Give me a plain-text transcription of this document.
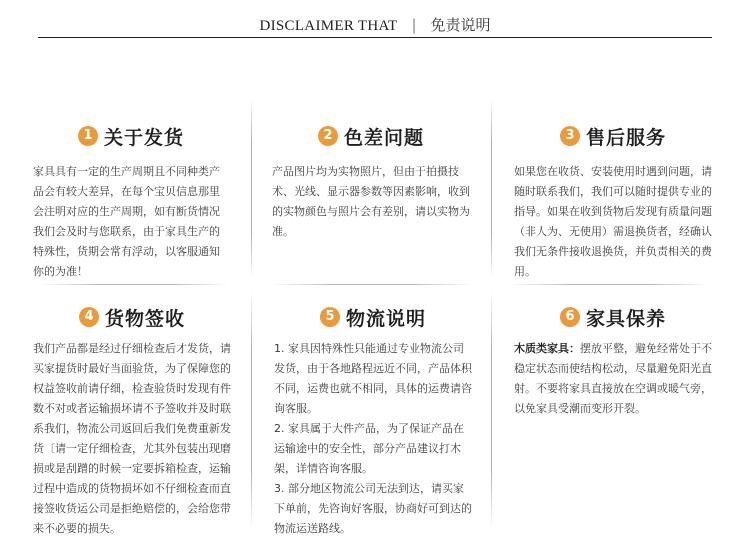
DISCLAIMER THAT | 免责说明
1 关于发货

家具具有一定的生产周期且不同种类产品会有较大差异，在每个宝贝信息那里会注明对应的生产周期，如有断货情况我们会及时与您联系，由于家具生产的特殊性，货期会常有浮动，以客服通知你的为准！

2 色差问题

产品图片均为实物照片，但由于拍摄技术、光线、显示器参数等因素影响，收到的实物颜色与照片会有差别，请以实物为准。

3 售后服务

如果您在收货、安装使用时遇到问题，请随时联系我们，我们可以随时提供专业的指导。如果在收到货物后发现有质量问题（非人为、无使用）需退换货者，经确认我们无条件接收退换货，并负责相关的费用。

4 货物签收

我们产品都是经过仔细检查后才发货，请买家提货时最好当面验货，为了保障您的权益签收前请仔细，检查验货时发现有件数不对或者运输损坏请不予签收并及时联系我们，物流公司返回后我们免费重新发货〔请一定仔细检查，尤其外包装出现磨损或是刮蹭的时候一定要拆箱检查，运输过程中造成的货物损坏如不仔细检查而直接签收货运公司是拒绝赔偿的，会给您带来不必要的损失。

5 物流说明

1. 家具因特殊性只能通过专业物流公司发货，由于各地路程远近不同，产品体积不同，运费也就不相同，具体的运费请咨询客服。

2. 家具属于大件产品，为了保证产品在运输途中的安全性，部分产品建议打木架，详情咨询客服。

3. 部分地区物流公司无法到达，请买家下单前，先咨询好客服，协商好可到达的物流运送路线。

6 家具保养

木质类家具：摆放平整，避免经常处于不稳定状态而使结构松动，尽量避免阳光直射。不要将家具直接放在空调或暖气旁，以免家具受潮而变形开裂。
